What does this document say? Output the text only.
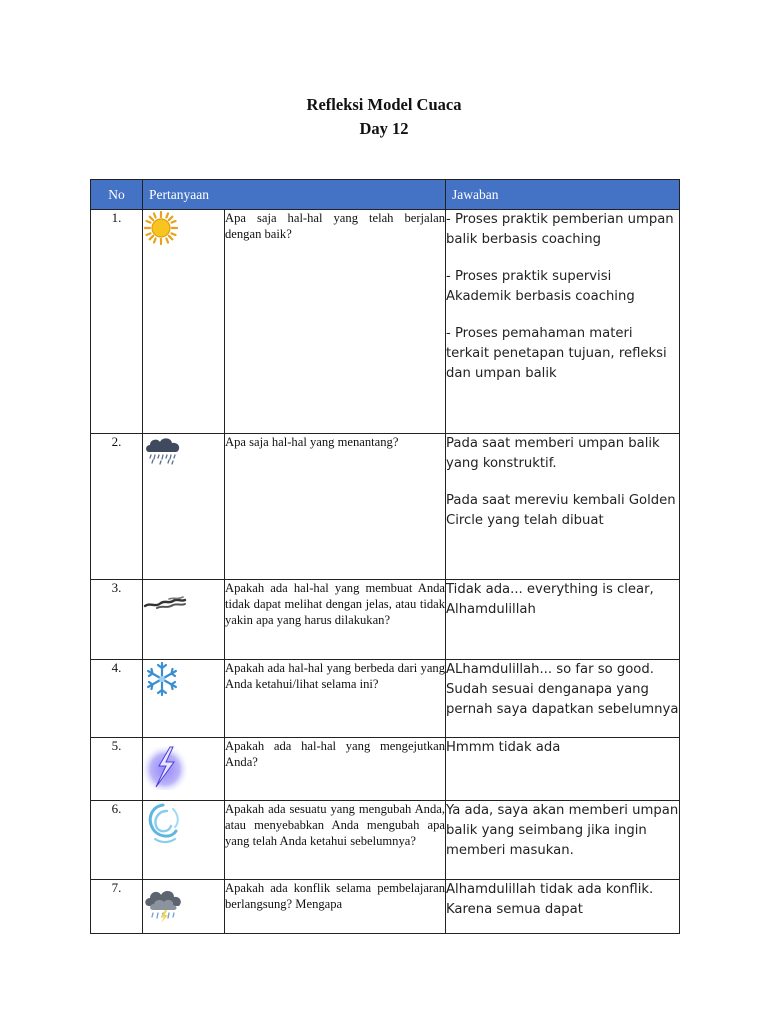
Refleksi Model Cuaca
Day 12
No	Pertanyaan		Jawaban
1.		Apa saja hal-hal yang telah berjalan dengan baik?	- Proses praktik pemberian umpan balik berbasis coaching

- Proses praktik supervisi Akademik berbasis coaching

- Proses pemahaman materi terkait penetapan tujuan, refleksi dan umpan balik

2.		Apa saja hal-hal yang menantang?	Pada saat memberi umpan balik yang konstruktif.

Pada saat mereviu kembali Golden Circle yang telah dibuat

3.		Apakah ada hal-hal yang membuat Anda tidak dapat melihat dengan jelas, atau tidak yakin apa yang harus dilakukan?	Tidak ada... everything is clear, Alhamdulillah

4.		Apakah ada hal-hal yang berbeda dari yang Anda ketahui/lihat selama ini?	ALhamdulillah... so far so good. Sudah sesuai denganapa yang pernah saya dapatkan sebelumnya

5.		Apakah ada hal-hal yang mengejutkan Anda?	Hmmm tidak ada

6.		Apakah ada sesuatu yang mengubah Anda, atau menyebabkan Anda mengubah apa yang telah Anda ketahui sebelumnya?	Ya ada, saya akan memberi umpan balik yang seimbang jika ingin memberi masukan.

7.		Apakah ada konflik selama pembelajaran berlangsung? Mengapa	Alhamdulillah tidak ada konflik. Karena semua dapat
